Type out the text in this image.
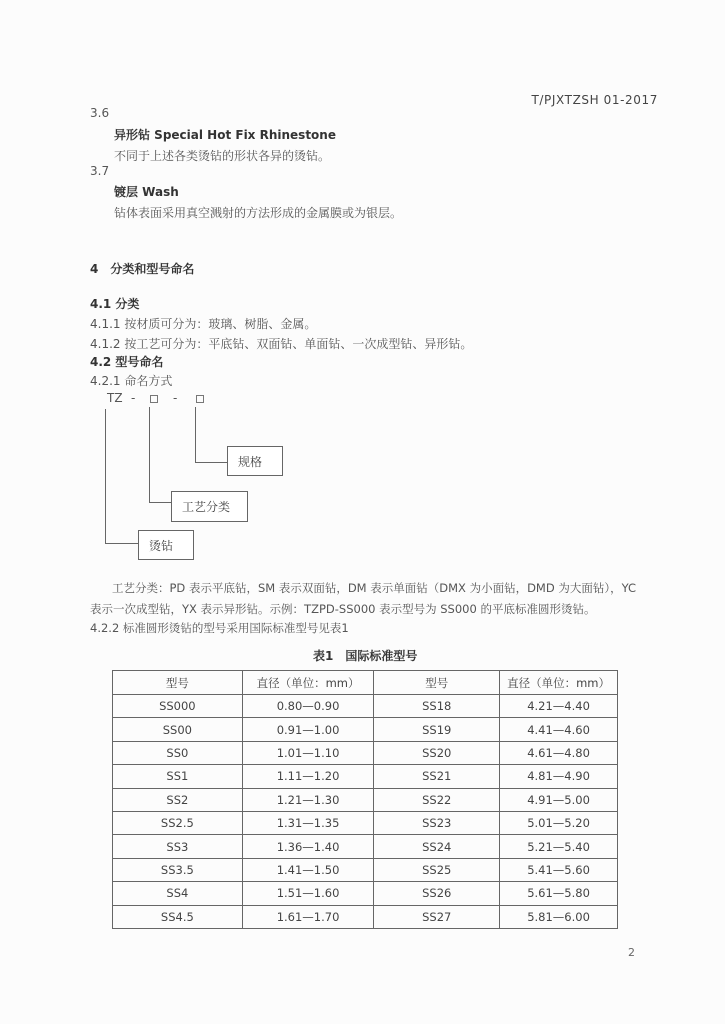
T/PJXTZSH 01-2017
3.6
异形钻 Special Hot Fix Rhinestone
不同于上述各类烫钻的形状各异的烫钻。
3.7
镀层 Wash
钻体表面采用真空溅射的方法形成的金属膜或为银层。
4　分类和型号命名
4.1 分类
4.1.1 按材质可分为：玻璃、树脂、金属。
4.1.2 按工艺可分为：平底钻、双面钻、单面钻、一次成型钻、异形钻。
4.2 型号命名
4.2.1 命名方式
TZ -	-
规格
工艺分类
烫钻
工艺分类：PD 表示平底钻，SM 表示双面钻，DM 表示单面钻（DMX 为小面钻，DMD 为大面钻），YC
表示一次成型钻，YX 表示异形钻。示例：TZPD-SS000 表示型号为 SS000 的平底标准圆形烫钻。
4.2.2 标准圆形烫钻的型号采用国际标准型号见表1
表1　国际标准型号
型号	直径（单位：mm）	型号	直径（单位：mm）
SS000	0.80—0.90	SS18	4.21—4.40
SS00	0.91—1.00	SS19	4.41—4.60
SS0	1.01—1.10	SS20	4.61—4.80
SS1	1.11—1.20	SS21	4.81—4.90
SS2	1.21—1.30	SS22	4.91—5.00
SS2.5	1.31—1.35	SS23	5.01—5.20
SS3	1.36—1.40	SS24	5.21—5.40
SS3.5	1.41—1.50	SS25	5.41—5.60
SS4	1.51—1.60	SS26	5.61—5.80
SS4.5	1.61—1.70	SS27	5.81—6.00
2
